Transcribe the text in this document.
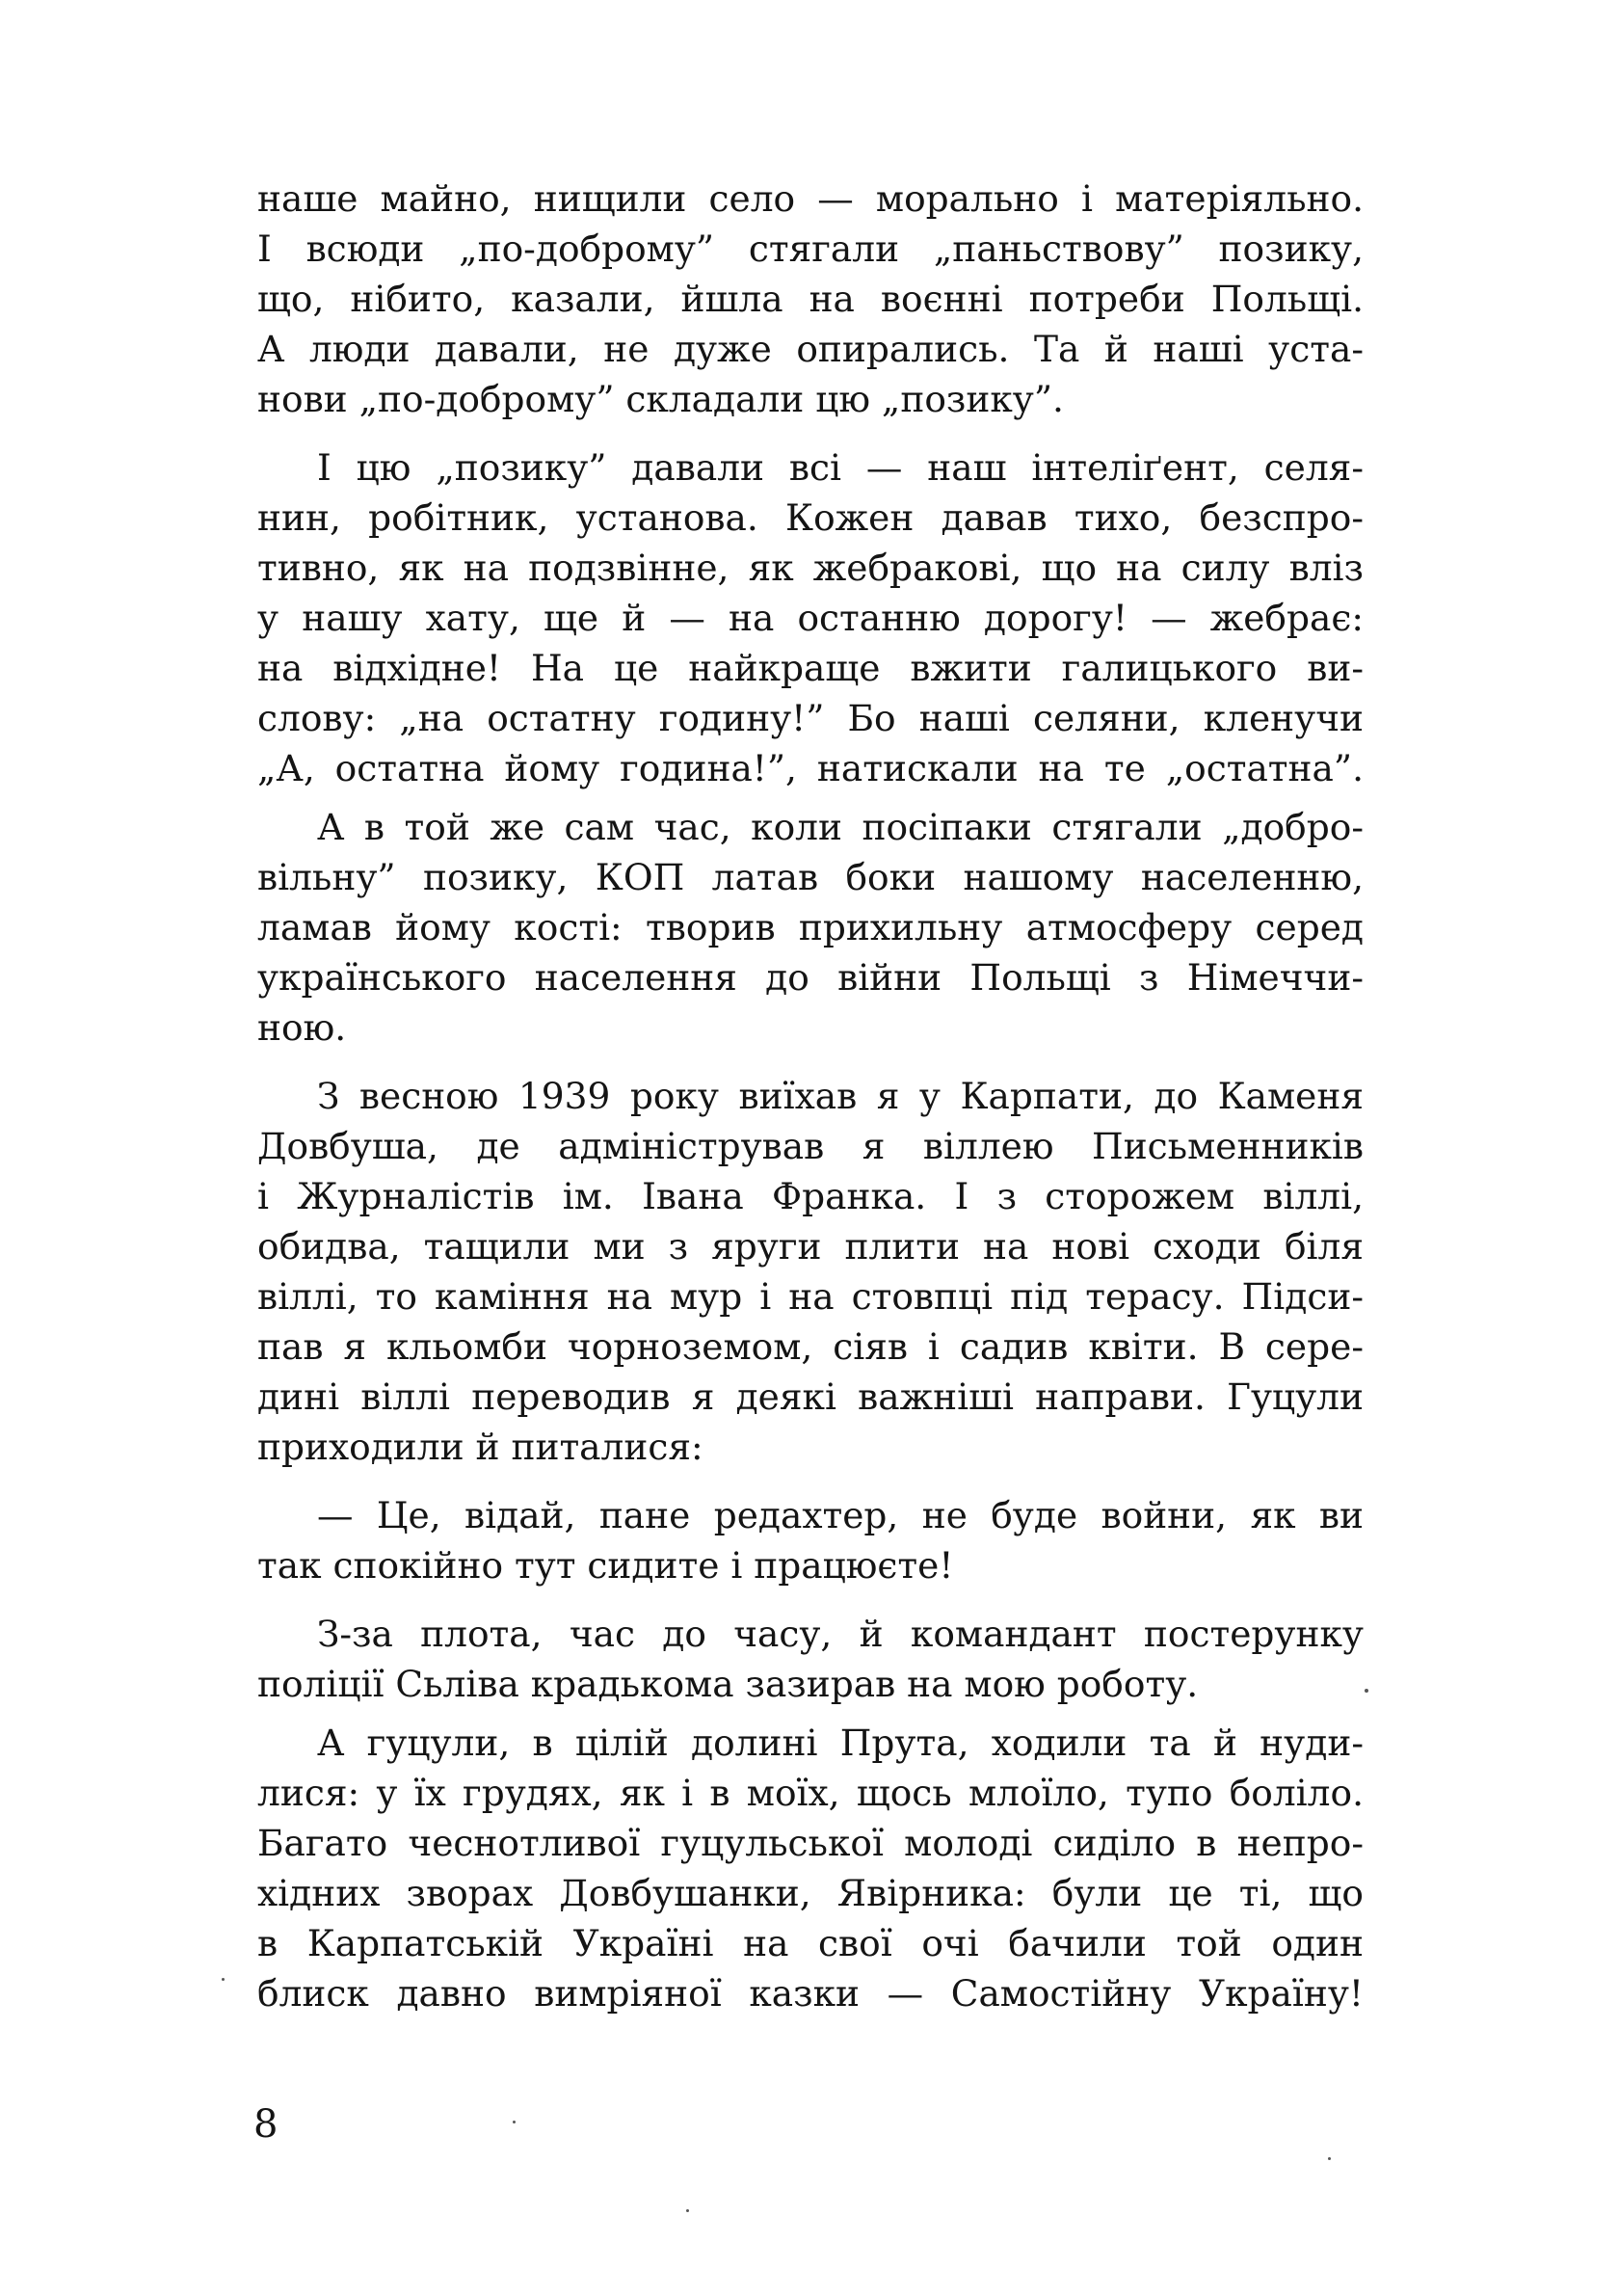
наше майно, нищили село — морально і матеріяльно.
І всюди „по-доброму” стягали „паньствову” позику,
що, нібито, казали, йшла на воєнні потреби Польщі.
А люди давали, не дуже опирались. Та й наші уста-
нови „по-доброму” складали цю „позику”.
І цю „позику” давали всі — наш інтеліґент, селя-
нин, робітник, установа. Кожен давав тихо, безспро-
тивно, як на подзвінне, як жебракові, що на силу вліз
у нашу хату, ще й — на останню дорогу! — жебрає:
на відхідне! На це найкраще вжити галицького ви-
слову: „на остатну годину!” Бо наші селяни, кленучи
„А, остатна йому година!”, натискали на те „остатна”.
А в той же сам час, коли посіпаки стягали „добро-
вільну” позику, КОП латав боки нашому населенню,
ламав йому кості: творив прихильну атмосферу серед
українського населення до війни Польщі з Німеччи-
ною.
З весною 1939 року виїхав я у Карпати, до Каменя
Довбуша, де адміністрував я віллею Письменників
і Журналістів ім. Івана Франка. І з сторожем віллі,
обидва, тащили ми з яруги плити на нові сходи біля
віллі, то каміння на мур і на стовпці під терасу. Підси-
пав я кльомби чорноземом, сіяв і садив квіти. В сере-
дині віллі переводив я деякі важніші направи. Гуцули
приходили й питалися:
— Це, відай, пане редахтер, не буде войни, як ви
так спокійно тут сидите і працюєте!
З-за плота, час до часу, й командант постерунку
поліції Сьліва крадькома зазирав на мою роботу.
А гуцули, в цілій долині Прута, ходили та й нуди-
лися: у їх грудях, як і в моїх, щось млоїло, тупо боліло.
Багато чеснотливої гуцульської молоді сиділо в непро-
хідних зворах Довбушанки, Явірника: були це ті, що
в Карпатській Україні на свої очі бачили той один
блиск давно вимріяної казки — Самостійну Україну!
8
